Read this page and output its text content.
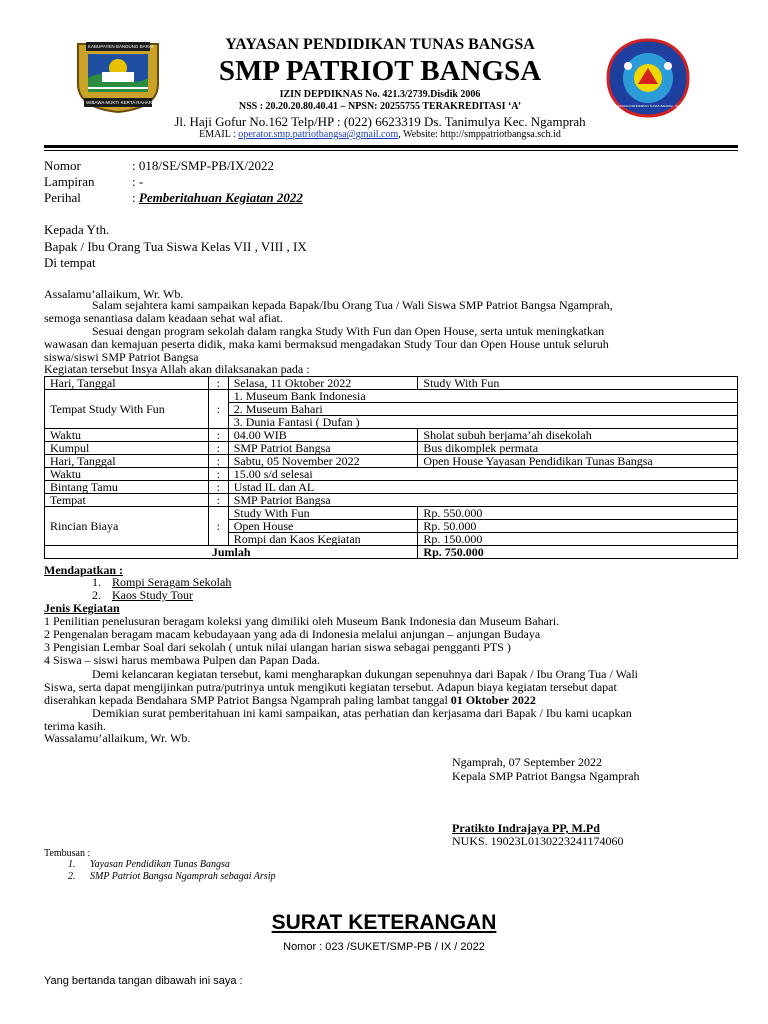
KABUPATEN BANDUNG BARAT
WIBAWA MUKTI KERTA RAHARJA
YAYASAN PENDIDIKAN TUNAS BANGSA · BANDUNG BARAT
YAYASAN PENDIDIKAN TUNAS BANGSA
SMP PATRIOT BANGSA
IZIN DEPDIKNAS No. 421.3/2739.Disdik 2006
NSS : 20.20.20.80.40.41 – NPSN: 20255755 TERAKREDITASI ‘A’
Jl. Haji Gofur No.162 Telp/HP : (022) 6623319 Ds. Tanimulya Kec. Ngamprah
EMAIL : operator.smp.patriotbangsa@gmail.com, Website: http://smppatriotbangsa.sch.id
Nomor	: 018/SE/SMP-PB/IX/2022
Lampiran	: -
Perihal	: Pemberitahuan Kegiatan 2022
Kepada Yth.
Bapak / Ibu Orang Tua Siswa Kelas VII , VIII , IX
Di tempat
Assalamu’allaikum, Wr. Wb.
Salam sejahtera kami sampaikan kepada Bapak/Ibu Orang Tua / Wali Siswa SMP Patriot Bangsa Ngamprah,
semoga senantiasa dalam keadaan sehat wal afiat.
Sesuai dengan program sekolah dalam rangka Study With Fun dan Open House, serta untuk meningkatkan
wawasan dan kemajuan peserta didik, maka kami bermaksud mengadakan Study Tour dan Open House untuk seluruh
siswa/siswi SMP Patriot Bangsa
Kegiatan tersebut Insya Allah akan dilaksanakan pada :
Hari, Tanggal	:	Selasa, 11 Oktober 2022	Study With Fun
Tempat Study With Fun	:	1. Museum Bank Indonesia	
		2. Museum Bahari	
		3. Dunia Fantasi ( Dufan )	
Waktu	:	04.00 WIB	Sholat subuh berjama’ah disekolah
Kumpul	:	SMP Patriot Bangsa	Bus dikomplek permata
Hari, Tanggal	:	Sabtu, 05 November 2022	Open House Yayasan Pendidikan Tunas Bangsa
Waktu	:	15.00 s/d selesai	
Bintang Tamu	:	Ustad IL dan AL	
Tempat	:	SMP Patriot Bangsa	
Rincian Biaya	:	Study With Fun	Rp. 550.000
		Open House	Rp. 50.000
		Rompi dan Kaos Kegiatan	Rp. 150.000
Jumlah			Rp. 750.000
Mendapatkan :
1. Rompi Seragam Sekolah
2. Kaos Study Tour
Jenis Kegiatan
1 Penilitian penelusuran beragam koleksi yang dimiliki oleh Museum Bank Indonesia dan Museum Bahari.
2 Pengenalan beragam macam kebudayaan yang ada di Indonesia melalui anjungan – anjungan Budaya
3 Pengisian Lembar Soal dari sekolah ( untuk nilai ulangan harian siswa sebagai pengganti PTS )
4 Siswa – siswi harus membawa Pulpen dan Papan Dada.
Demi kelancaran kegiatan tersebut, kami mengharapkan dukungan sepenuhnya dari Bapak / Ibu Orang Tua / Wali
Siswa, serta dapat mengijinkan putra/putrinya untuk mengikuti kegiatan tersebut. Adapun biaya kegiatan tersebut dapat
diserahkan kepada Bendahara SMP Patriot Bangsa Ngamprah paling lambat tanggal 01 Oktober 2022
Demikian surat pemberitahuan ini kami sampaikan, atas perhatian dan kerjasama dari Bapak / Ibu kami ucapkan
terima kasih.
Wassalamu’allaikum, Wr. Wb.
Ngamprah, 07 September 2022
Kepala SMP Patriot Bangsa Ngamprah
Pratikto Indrajaya PP, M.Pd
NUKS. 19023L0130223241174060
Tembusan :
1. Yayasan Pendidikan Tunas Bangsa
2. SMP Patriot Bangsa Ngamprah sebagai Arsip
SURAT KETERANGAN
Nomor : 023 /SUKET/SMP-PB / IX / 2022
Yang bertanda tangan dibawah ini saya :
